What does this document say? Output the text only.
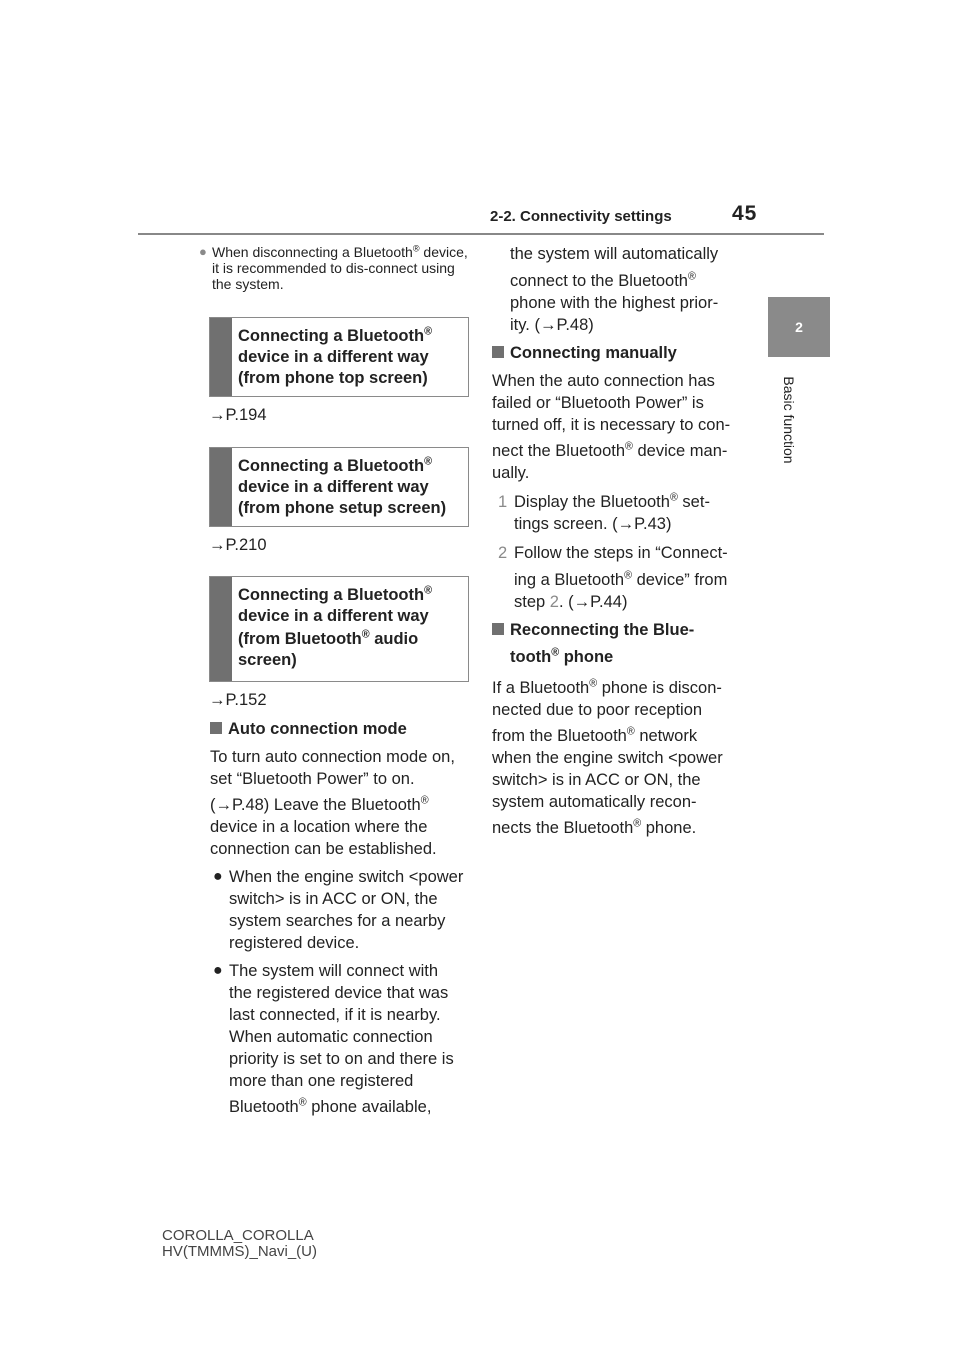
2-2. Connectivity settings	45
2
Basic function
● When disconnecting a Bluetooth® device, it is recommended to dis-connect using the system.
Connecting a Bluetooth®
device in a different way
(from phone top screen)
→P.194
Connecting a Bluetooth®
device in a different way
(from phone setup screen)
→P.210
Connecting a Bluetooth®
device in a different way
(from Bluetooth® audio
screen)
→P.152
Auto connection mode
To turn auto connection mode on, set “Bluetooth Power” to on.
(→P.48) Leave the Bluetooth®
device in a location where the connection can be established.
● When the engine switch <power switch> is in ACC or ON, the system searches for a nearby registered device.
● The system will connect with the registered device that was last connected, if it is nearby. When automatic connection priority is set to on and there is more than one registered
Bluetooth® phone available,
the system will automatically
connect to the Bluetooth®
phone with the highest prior-
ity. (→P.48)
Connecting manually
When the auto connection has failed or “Bluetooth Power” is turned off, it is necessary to con-
nect the Bluetooth® device man-
ually.
1 Display the Bluetooth® set-
tings screen. (→P.43)
2 Follow the steps in “Connect-
ing a Bluetooth® device” from
step 2. (→P.44)
Reconnecting the Blue-
tooth® phone
If a Bluetooth® phone is discon-
nected due to poor reception
from the Bluetooth® network
when the engine switch <power switch> is in ACC or ON, the system automatically recon-
nects the Bluetooth® phone.
COROLLA_COROLLA
HV(TMMMS)_Navi_(U)
